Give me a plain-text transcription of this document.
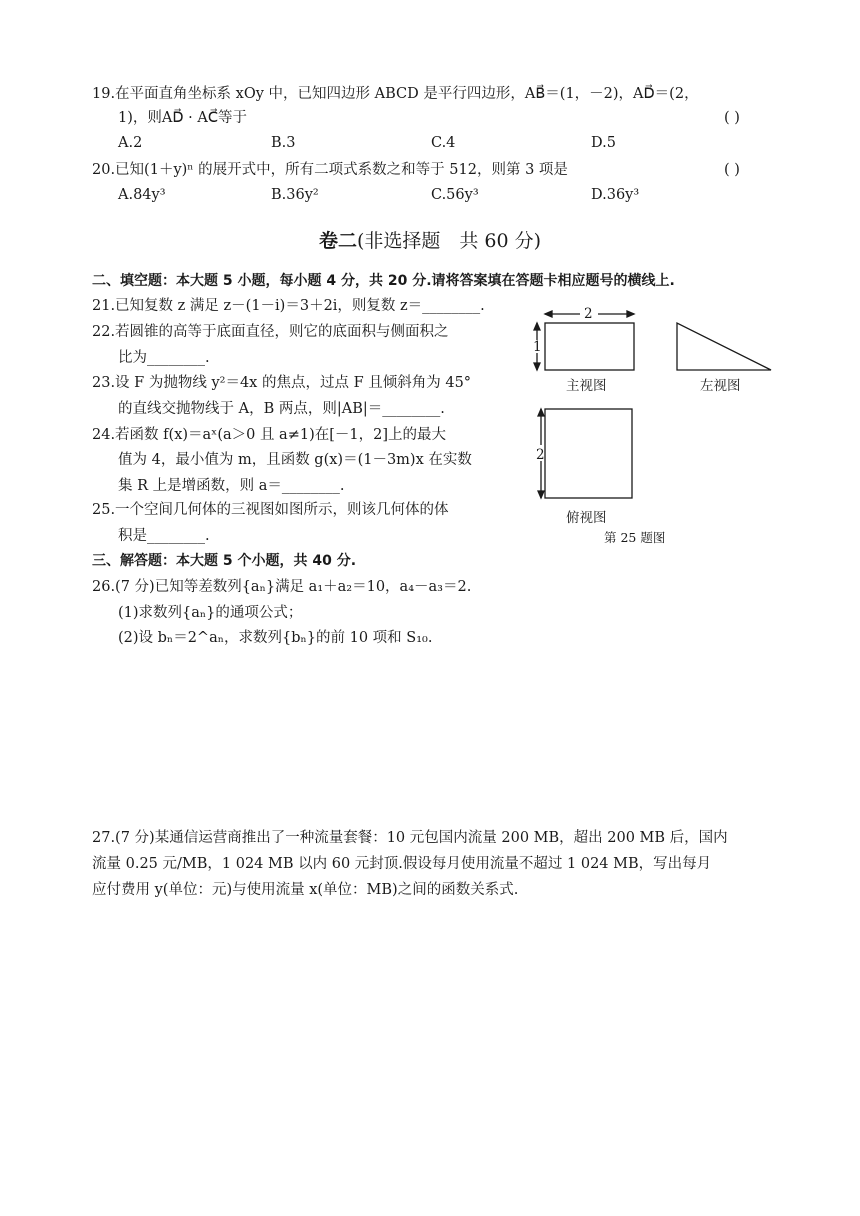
19.在平面直角坐标系 xOy 中，已知四边形 ABCD 是平行四边形，AB⃗＝(1，－2)，AD⃗＝(2，
1)，则AD⃗ · AC⃗等于	( )
A.2	B.3	C.4	D.5
20.已知(1＋y)ⁿ 的展开式中，所有二项式系数之和等于 512，则第 3 项是	( )
A.84y³	B.36y²	C.56y³	D.36y³
卷二(非选择题　共 60 分)
二、填空题：本大题 5 小题，每小题 4 分，共 20 分.请将答案填在答题卡相应题号的横线上.
21.已知复数 z 满足 z－(1－i)＝3＋2i，则复数 z＝________.
22.若圆锥的高等于底面直径，则它的底面积与侧面积之
比为________.
23.设 F 为抛物线 y²＝4x 的焦点，过点 F 且倾斜角为 45°
的直线交抛物线于 A，B 两点，则|AB|＝________.
24.若函数 f(x)＝aˣ(a＞0 且 a≠1)在[－1，2]上的最大
值为 4，最小值为 m，且函数 g(x)＝(1－3m)x 在实数
集 R 上是增函数，则 a＝________.
25.一个空间几何体的三视图如图所示，则该几何体的体
积是________.
2
1
2
主视图	左视图
俯视图
第 25 题图
三、解答题：本大题 5 个小题，共 40 分.
26.(7 分)已知等差数列{aₙ}满足 a₁＋a₂＝10，a₄－a₃＝2.
(1)求数列{aₙ}的通项公式；
(2)设 bₙ＝2^aₙ，求数列{bₙ}的前 10 项和 S₁₀.
27.(7 分)某通信运营商推出了一种流量套餐：10 元包国内流量 200 MB，超出 200 MB 后，国内
流量 0.25 元/MB，1 024 MB 以内 60 元封顶.假设每月使用流量不超过 1 024 MB，写出每月
应付费用 y(单位：元)与使用流量 x(单位：MB)之间的函数关系式.
